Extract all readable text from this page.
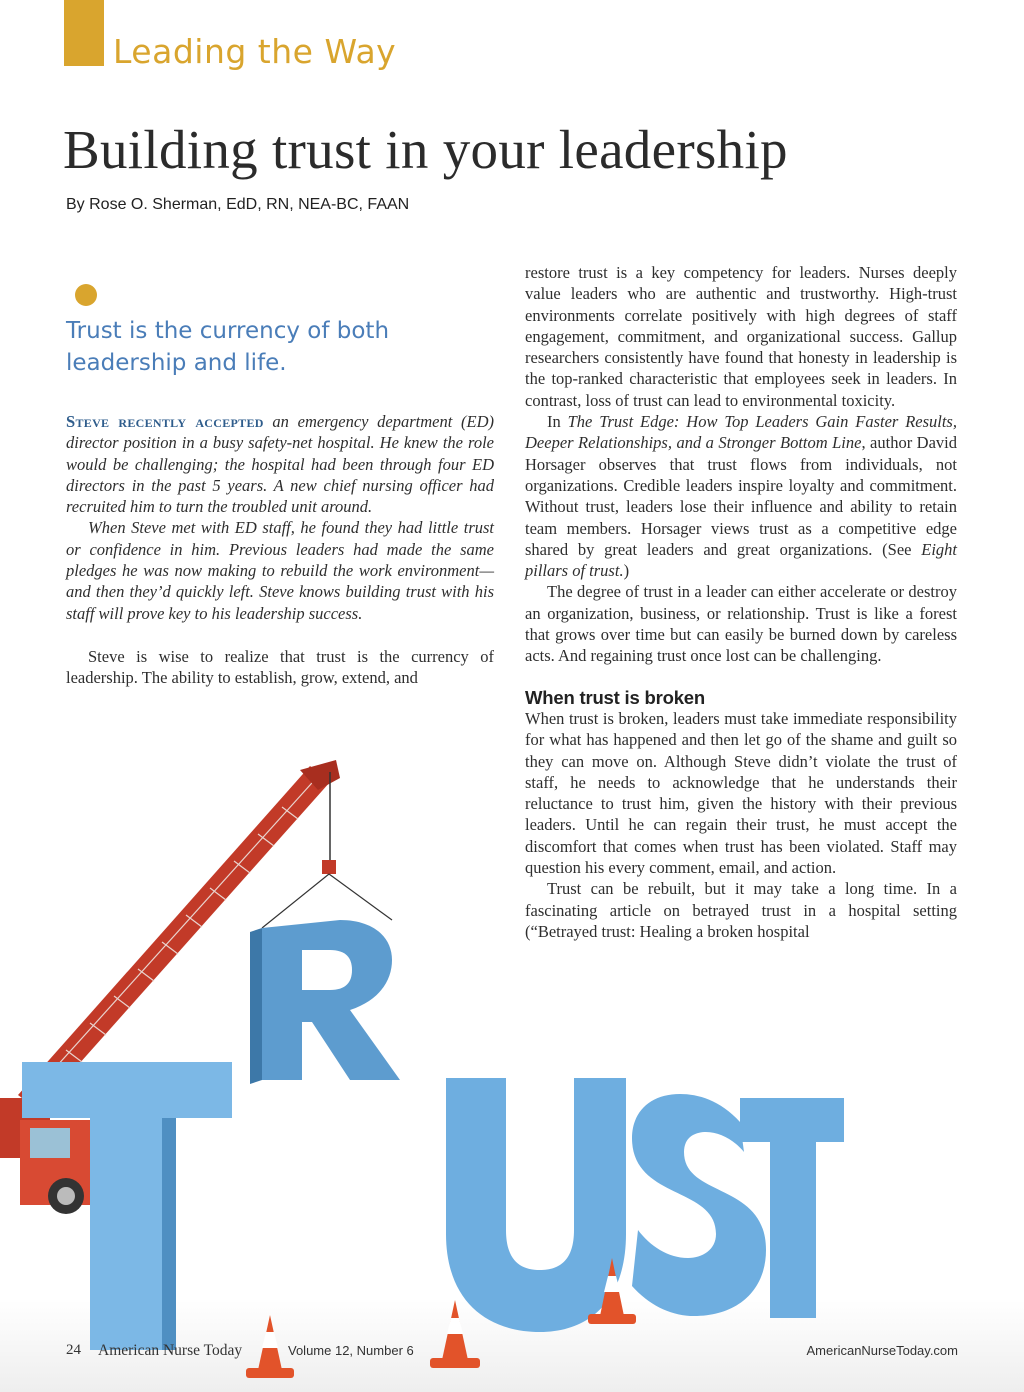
Leading the Way
Building trust in your leadership
By Rose O. Sherman, EdD, RN, NEA-BC, FAAN
Trust is the currency of both leadership and life.

Steve recently accepted an emergency department (ED) director position in a busy safety-net hospital. He knew the role would be challenging; the hospital had been through four ED directors in the past 5 years. A new chief nursing officer had recruited him to turn the troubled unit around.

When Steve met with ED staff, he found they had little trust or confidence in him. Previous leaders had made the same pledges he was now making to rebuild the work environment—and then they’d quickly left. Steve knows building trust with his staff will prove key to his leadership success.

Steve is wise to realize that trust is the currency of leadership. The ability to establish, grow, extend, and

restore trust is a key competency for leaders. Nurses deeply value leaders who are authentic and trustworthy. High-trust environments correlate positively with high degrees of staff engagement, commitment, and organizational success. Gallup researchers consistently have found that honesty in leadership is the top-ranked characteristic that employees seek in leaders. In contrast, loss of trust can lead to environmental toxicity.

In The Trust Edge: How Top Leaders Gain Faster Results, Deeper Relationships, and a Stronger Bottom Line, author David Horsager observes that trust flows from individuals, not organizations. Credible leaders inspire loyalty and commitment. Without trust, leaders lose their influence and ability to retain team members. Horsager views trust as a competitive edge shared by great leaders and great organizations. (See Eight pillars of trust.)

The degree of trust in a leader can either accelerate or destroy an organization, business, or relationship. Trust is like a forest that grows over time but can easily be burned down by careless acts. And regaining trust once lost can be challenging.

When trust is broken

When trust is broken, leaders must take immediate responsibility for what has happened and then let go of the shame and guilt so they can move on. Although Steve didn’t violate the trust of staff, he needs to acknowledge that he understands their reluctance to trust him, given the history with their previous leaders. Until he can regain their trust, he must accept the discomfort that comes when trust has been violated. Staff may question his every comment, email, and action.

Trust can be rebuilt, but it may take a long time. In a fascinating article on betrayed trust in a hospital setting (“Betrayed trust: Healing a broken hospital

24 American Nurse Today	Volume 12, Number 6	AmericanNurseToday.com
